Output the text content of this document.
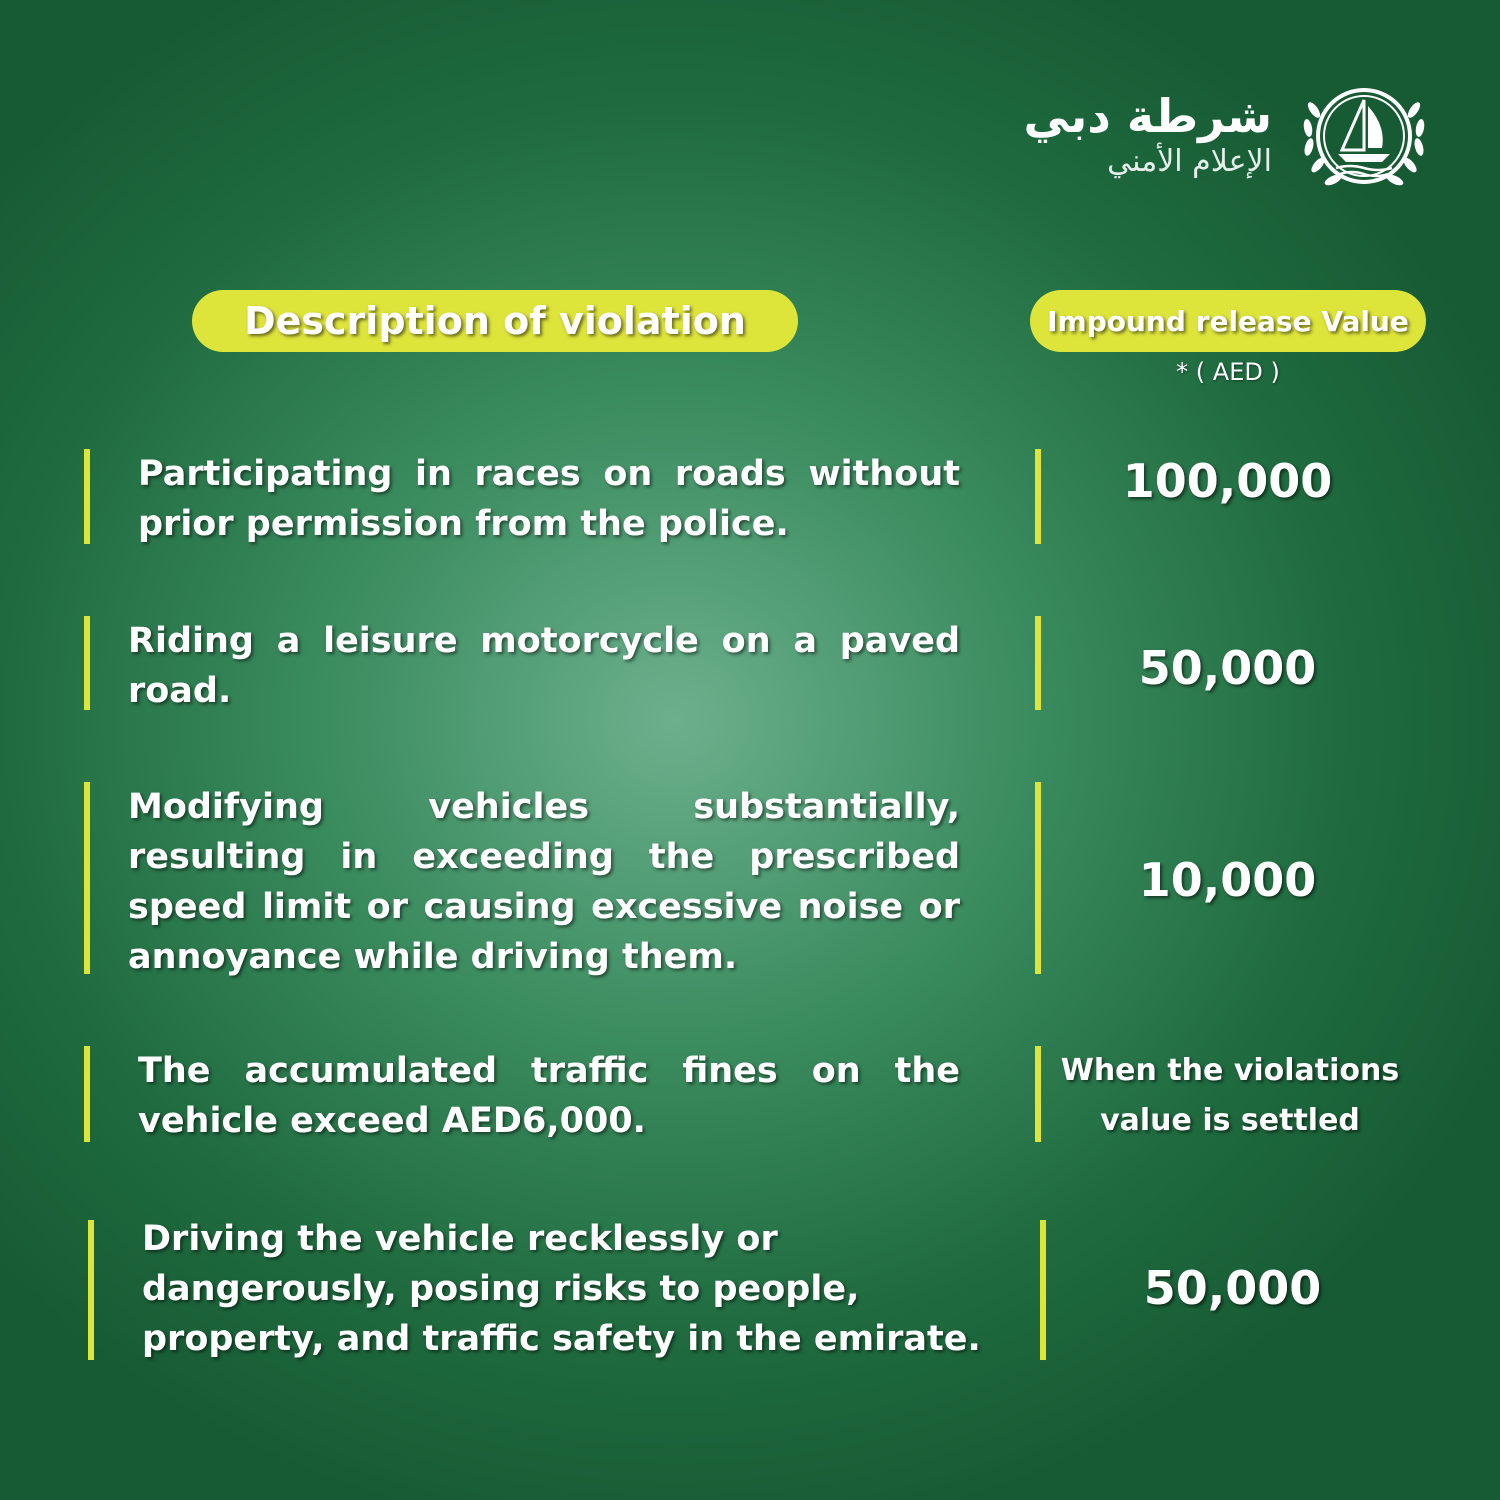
شرطة دبي
الإعلام الأمني
Description of violation	Impound release Value
* ( AED )

Participating in races on roads without prior permission from the police.

100,000

Riding a leisure motorcycle on a paved road.	50,000

Modifying vehicles substantially, resulting in exceeding the prescribed speed limit or causing excessive noise or annoyance while driving them.

10,000

The accumulated traffic fines on the vehicle exceed AED6,000.

When the violations value is settled

Driving the vehicle recklessly or dangerously, posing risks to people, property, and traffic safety in the emirate.

50,000
